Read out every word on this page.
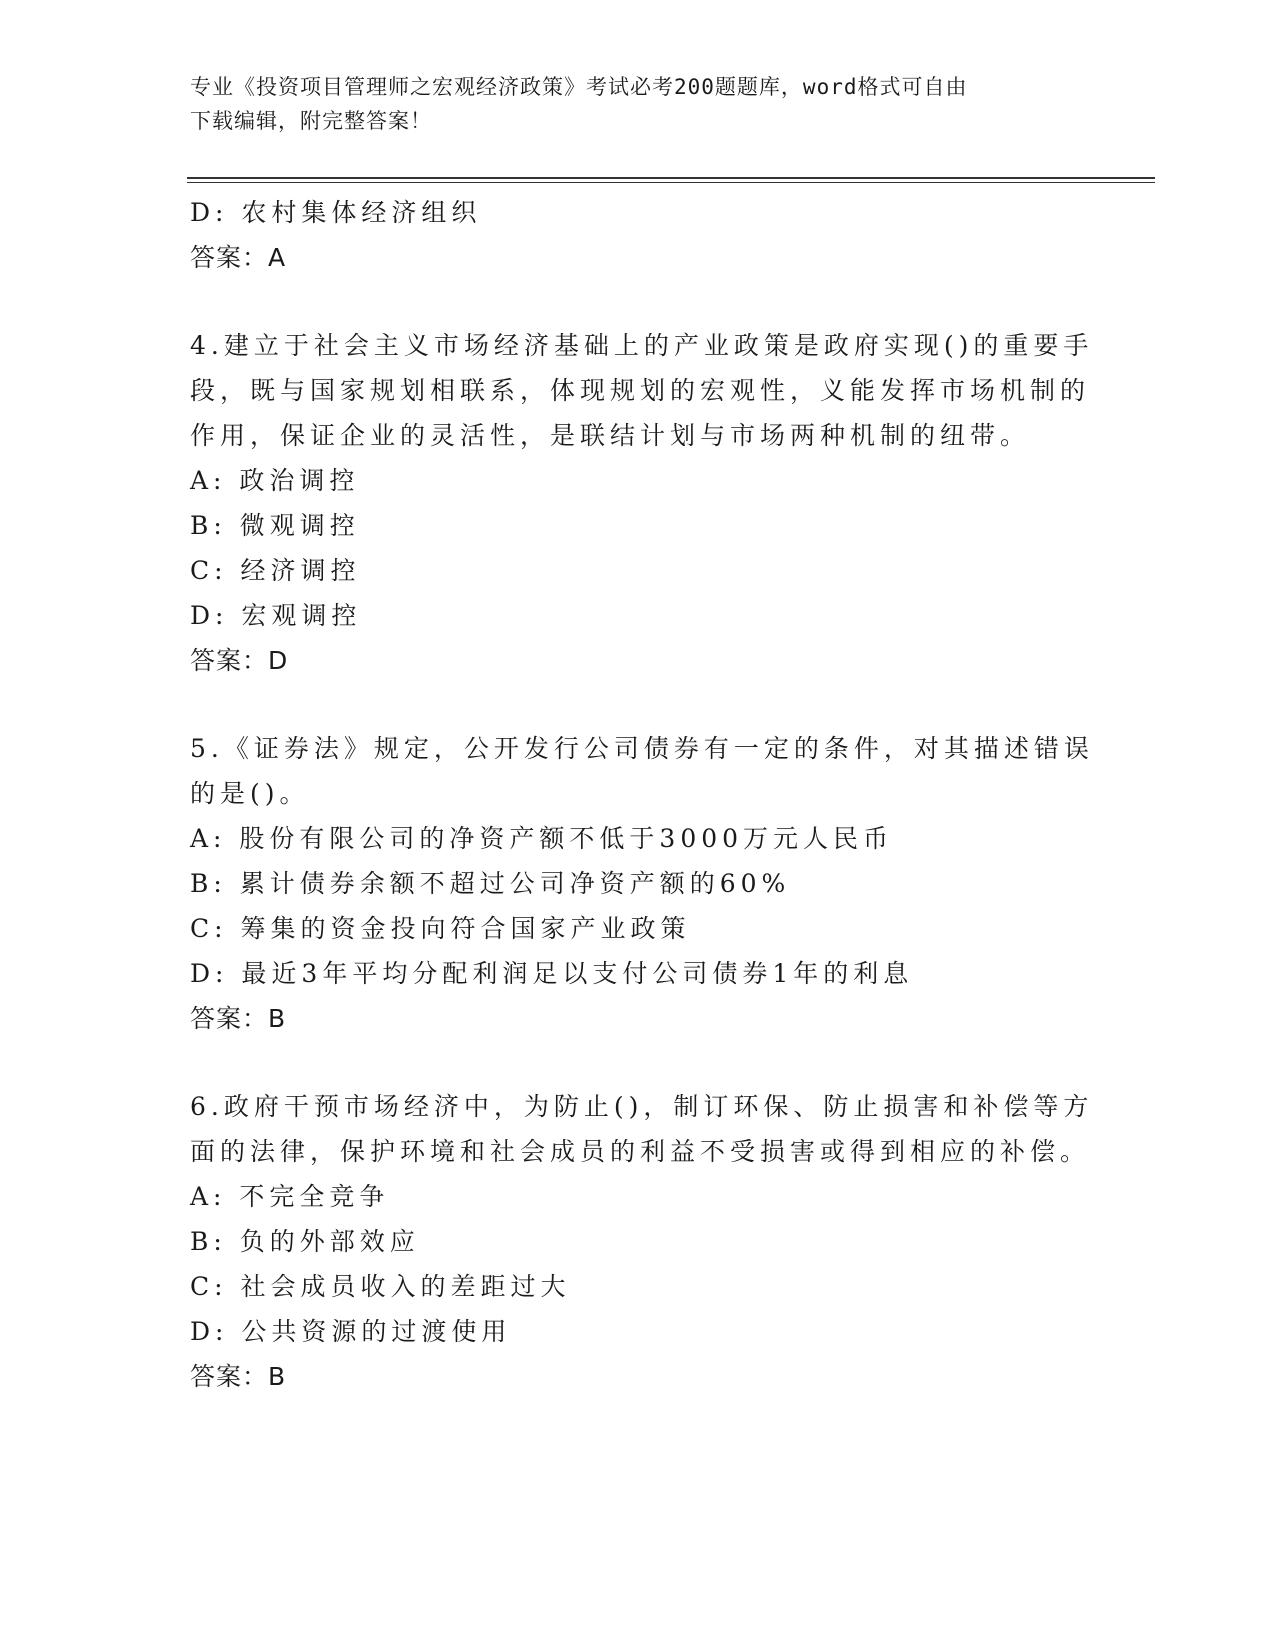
专业《投资项目管理师之宏观经济政策》考试必考200题题库，word格式可自由
下载编辑，附完整答案！
D: 农村集体经济组织
答案：A
4.建立于社会主义市场经济基础上的产业政策是政府实现()的重要手
段，既与国家规划相联系，体现规划的宏观性，义能发挥市场机制的
作用，保证企业的灵活性，是联结计划与市场两种机制的纽带。
A: 政治调控
B: 微观调控
C: 经济调控
D: 宏观调控
答案：D
5.《证券法》规定，公开发行公司债券有一定的条件，对其描述错误
的是()。
A: 股份有限公司的净资产额不低于3000万元人民币
B: 累计债券余额不超过公司净资产额的60%
C: 筹集的资金投向符合国家产业政策
D: 最近3年平均分配利润足以支付公司债券1年的利息
答案：B
6.政府干预市场经济中，为防止()，制订环保、防止损害和补偿等方
面的法律，保护环境和社会成员的利益不受损害或得到相应的补偿。
A: 不完全竞争
B: 负的外部效应
C: 社会成员收入的差距过大
D: 公共资源的过渡使用
答案：B
